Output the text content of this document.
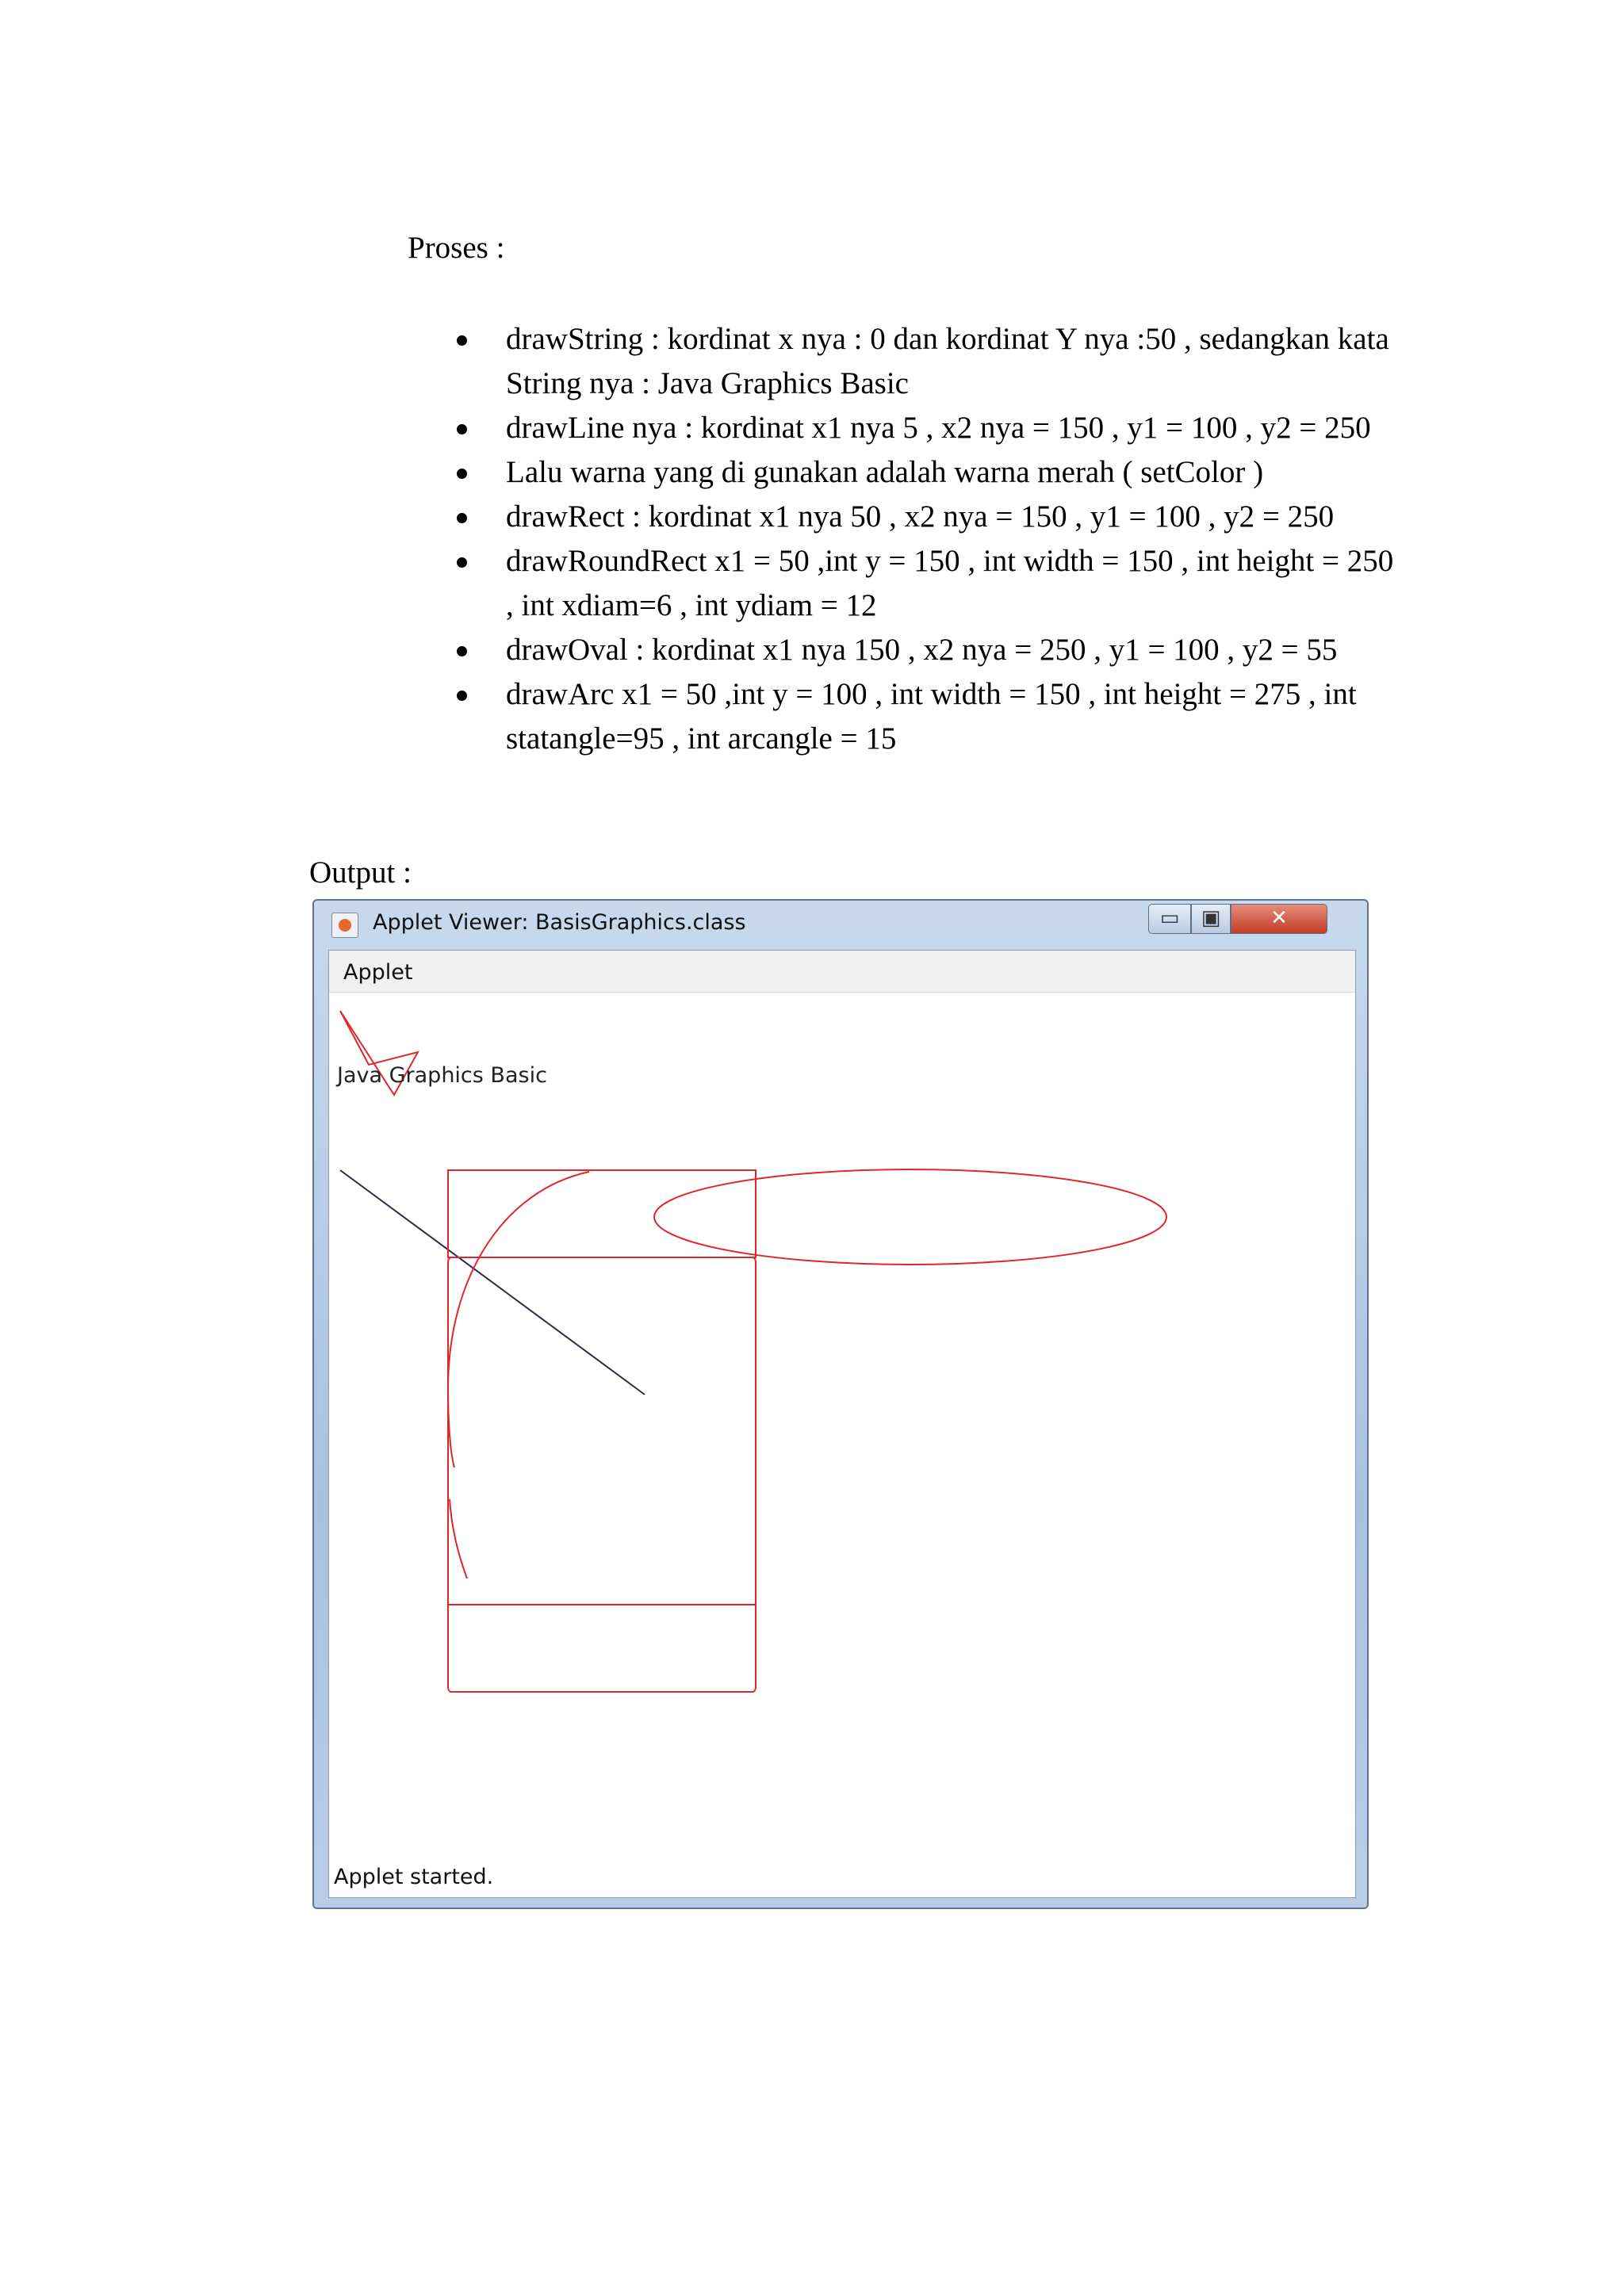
Proses :
drawString : kordinat x nya : 0 dan kordinat Y nya :50 , sedangkan kata String nya : Java Graphics Basic
drawLine nya : kordinat x1 nya 5 , x2 nya = 150 , y1 = 100 , y2 = 250
Lalu warna yang di gunakan adalah warna merah ( setColor )
drawRect : kordinat x1 nya 50 , x2 nya = 150 , y1 = 100 , y2 = 250
drawRoundRect x1 = 50 ,int y = 150 , int width = 150 , int height = 250 , int xdiam=6 , int ydiam = 12
drawOval : kordinat x1 nya 150 , x2 nya = 250 , y1 = 100 , y2 = 55
drawArc x1 = 50 ,int y = 100 , int width = 150 , int height = 275 , int statangle=95 , int arcangle = 15
Output :
Applet Viewer: BasisGraphics.class	▭	▣	✕
Applet
Java Graphics Basic
Applet started.
